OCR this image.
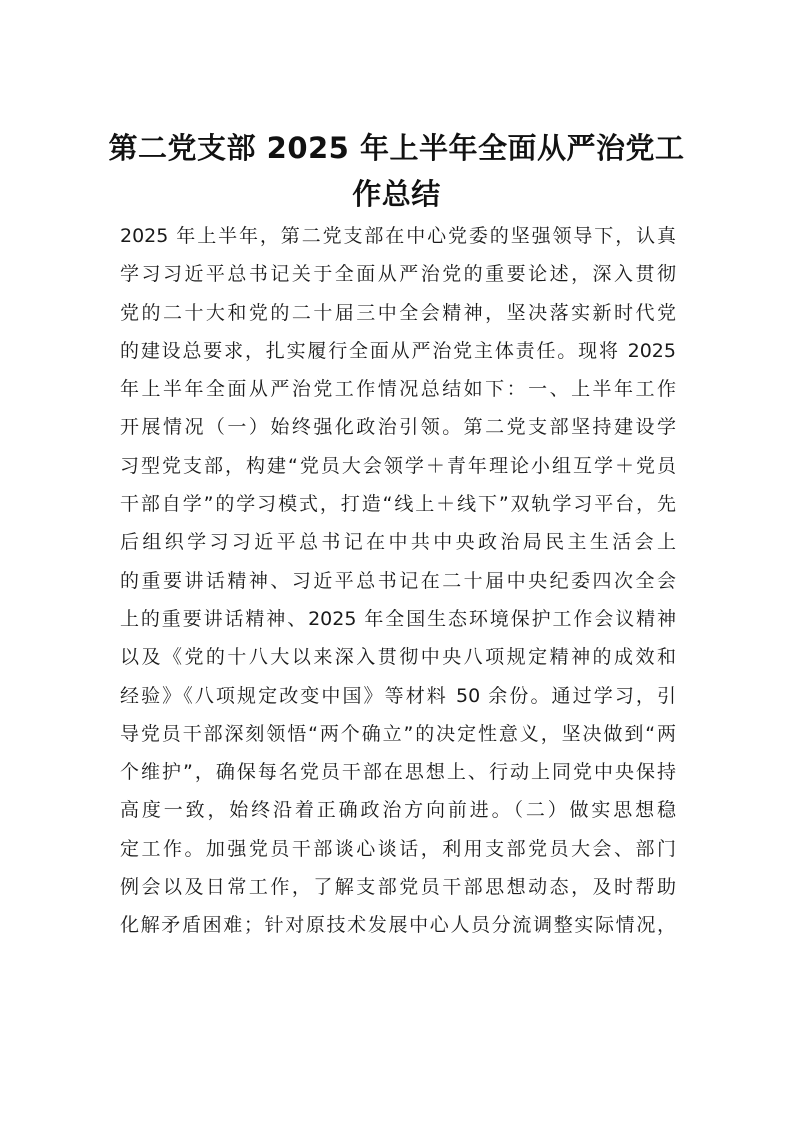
第二党支部 2025 年上半年全面从严治党工
作总结
2025 年上半年，第二党支部在中心党委的坚强领导下，认真
学习习近平总书记关于全面从严治党的重要论述，深入贯彻
党的二十大和党的二十届三中全会精神，坚决落实新时代党
的建设总要求，扎实履行全面从严治党主体责任。现将 2025
年上半年全面从严治党工作情况总结如下：一、上半年工作
开展情况（一）始终强化政治引领。第二党支部坚持建设学
习型党支部，构建“党员大会领学＋青年理论小组互学＋党员
干部自学”的学习模式，打造“线上＋线下”双轨学习平台，先
后组织学习习近平总书记在中共中央政治局民主生活会上
的重要讲话精神、习近平总书记在二十届中央纪委四次全会
上的重要讲话精神、2025 年全国生态环境保护工作会议精神
以及《党的十八大以来深入贯彻中央八项规定精神的成效和
经验》《八项规定改变中国》等材料 50 余份。通过学习，引
导党员干部深刻领悟“两个确立”的决定性意义，坚决做到“两
个维护”，确保每名党员干部在思想上、行动上同党中央保持
高度一致，始终沿着正确政治方向前进。（二）做实思想稳
定工作。加强党员干部谈心谈话，利用支部党员大会、部门
例会以及日常工作，了解支部党员干部思想动态，及时帮助
化解矛盾困难；针对原技术发展中心人员分流调整实际情况，
